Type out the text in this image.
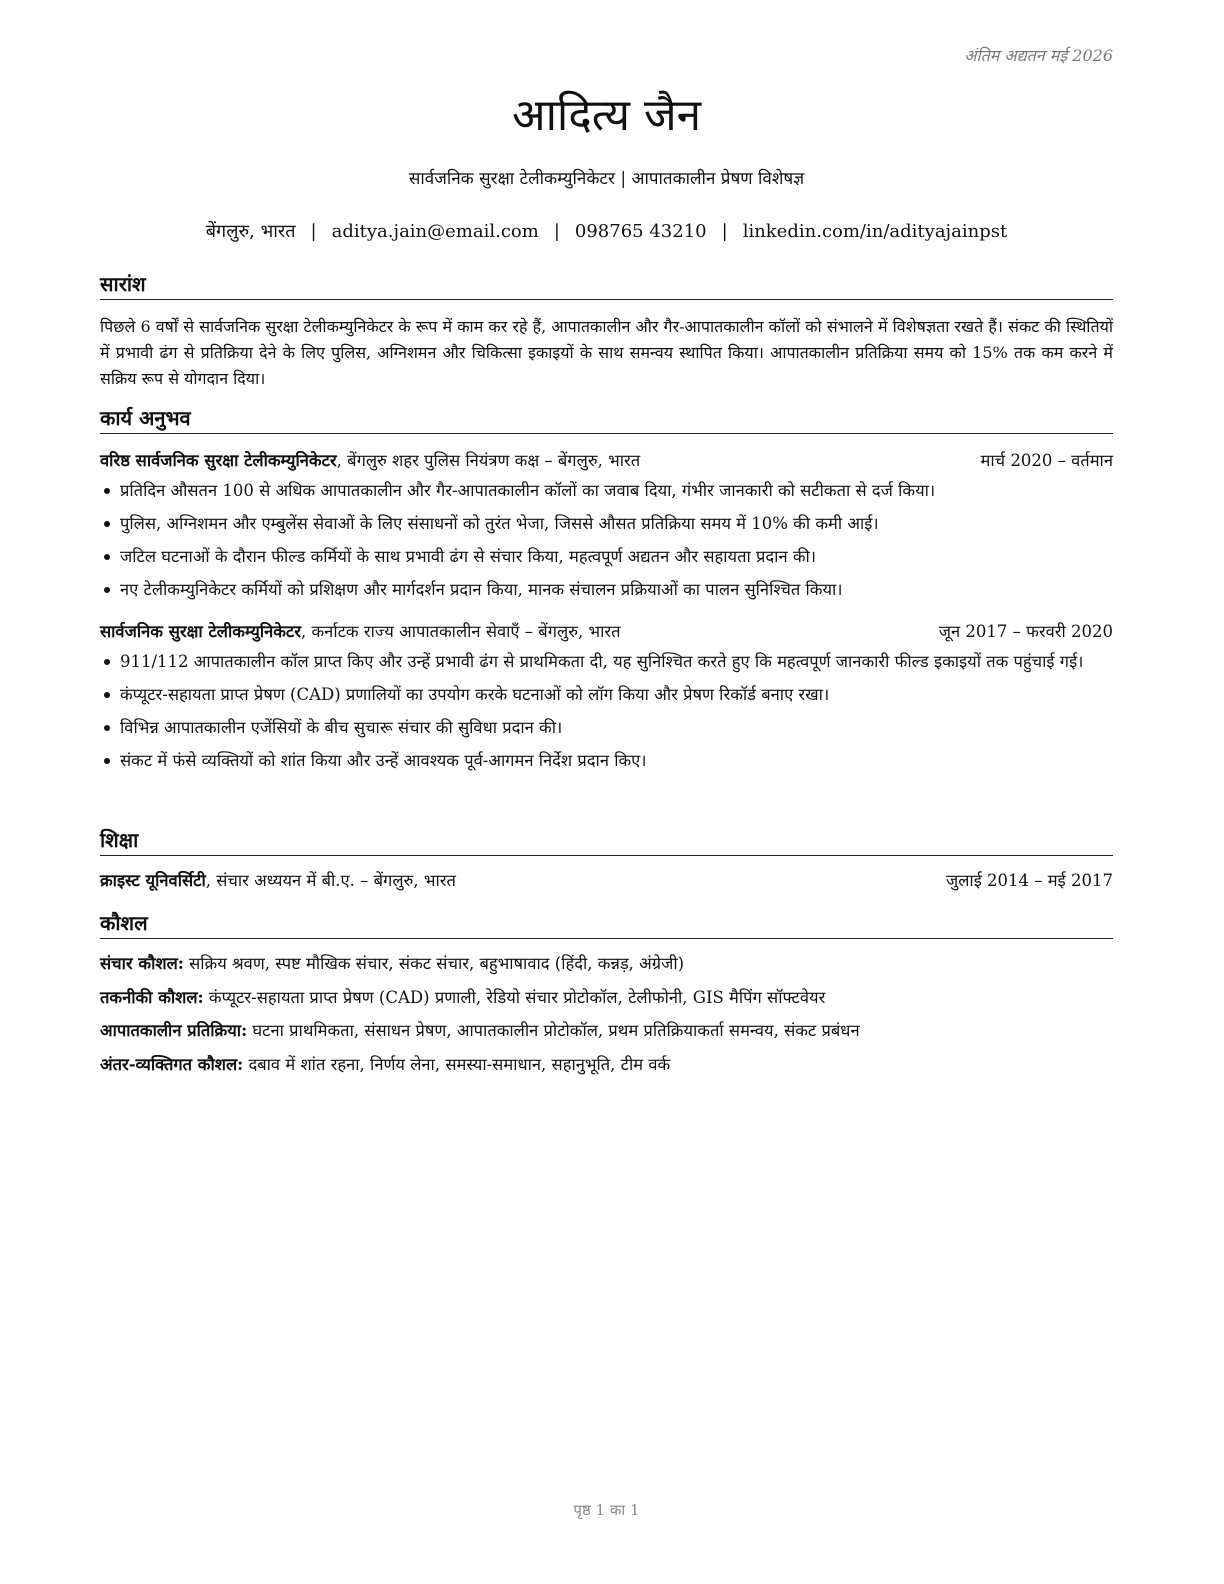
अंतिम अद्यतन मई 2026
आदित्य जैन
सार्वजनिक सुरक्षा टेलीकम्युनिकेटर | आपातकालीन प्रेषण विशेषज्ञ
बेंगलुरु, भारत | aditya.jain@email.com | 098765 43210 | linkedin.com/in/adityajainpst
सारांश

पिछले 6 वर्षों से सार्वजनिक सुरक्षा टेलीकम्युनिकेटर के रूप में काम कर रहे हैं, आपातकालीन और गैर-आपातकालीन कॉलों को संभालने में विशेषज्ञता रखते हैं। संकट की स्थितियों में प्रभावी ढंग से प्रतिक्रिया देने के लिए पुलिस, अग्निशमन और चिकित्सा इकाइयों के साथ समन्वय स्थापित किया। आपातकालीन प्रतिक्रिया समय को 15% तक कम करने में सक्रिय रूप से योगदान दिया।

कार्य अनुभव
वरिष्ठ सार्वजनिक सुरक्षा टेलीकम्युनिकेटर, बेंगलुरु शहर पुलिस नियंत्रण कक्ष – बेंगलुरु, भारत	मार्च 2020 – वर्तमान
प्रतिदिन औसतन 100 से अधिक आपातकालीन और गैर-आपातकालीन कॉलों का जवाब दिया, गंभीर जानकारी को सटीकता से दर्ज किया।
पुलिस, अग्निशमन और एम्बुलेंस सेवाओं के लिए संसाधनों को तुरंत भेजा, जिससे औसत प्रतिक्रिया समय में 10% की कमी आई।
जटिल घटनाओं के दौरान फील्ड कर्मियों के साथ प्रभावी ढंग से संचार किया, महत्वपूर्ण अद्यतन और सहायता प्रदान की।
नए टेलीकम्युनिकेटर कर्मियों को प्रशिक्षण और मार्गदर्शन प्रदान किया, मानक संचालन प्रक्रियाओं का पालन सुनिश्चित किया।
सार्वजनिक सुरक्षा टेलीकम्युनिकेटर, कर्नाटक राज्य आपातकालीन सेवाएँ – बेंगलुरु, भारत	जून 2017 – फरवरी 2020
911/112 आपातकालीन कॉल प्राप्त किए और उन्हें प्रभावी ढंग से प्राथमिकता दी, यह सुनिश्चित करते हुए कि महत्वपूर्ण जानकारी फील्ड इकाइयों तक पहुंचाई गई।
कंप्यूटर-सहायता प्राप्त प्रेषण (CAD) प्रणालियों का उपयोग करके घटनाओं को लॉग किया और प्रेषण रिकॉर्ड बनाए रखा।
विभिन्न आपातकालीन एजेंसियों के बीच सुचारू संचार की सुविधा प्रदान की।
संकट में फंसे व्यक्तियों को शांत किया और उन्हें आवश्यक पूर्व-आगमन निर्देश प्रदान किए।
शिक्षा
क्राइस्ट यूनिवर्सिटी, संचार अध्ययन में बी.ए. – बेंगलुरु, भारत	जुलाई 2014 – मई 2017
कौशल
संचार कौशल: सक्रिय श्रवण, स्पष्ट मौखिक संचार, संकट संचार, बहुभाषावाद (हिंदी, कन्नड़, अंग्रेजी)
तकनीकी कौशल: कंप्यूटर-सहायता प्राप्त प्रेषण (CAD) प्रणाली, रेडियो संचार प्रोटोकॉल, टेलीफोनी, GIS मैपिंग सॉफ्टवेयर
आपातकालीन प्रतिक्रिया: घटना प्राथमिकता, संसाधन प्रेषण, आपातकालीन प्रोटोकॉल, प्रथम प्रतिक्रियाकर्ता समन्वय, संकट प्रबंधन
अंतर-व्यक्तिगत कौशल: दबाव में शांत रहना, निर्णय लेना, समस्या-समाधान, सहानुभूति, टीम वर्क
पृष्ठ 1 का 1
